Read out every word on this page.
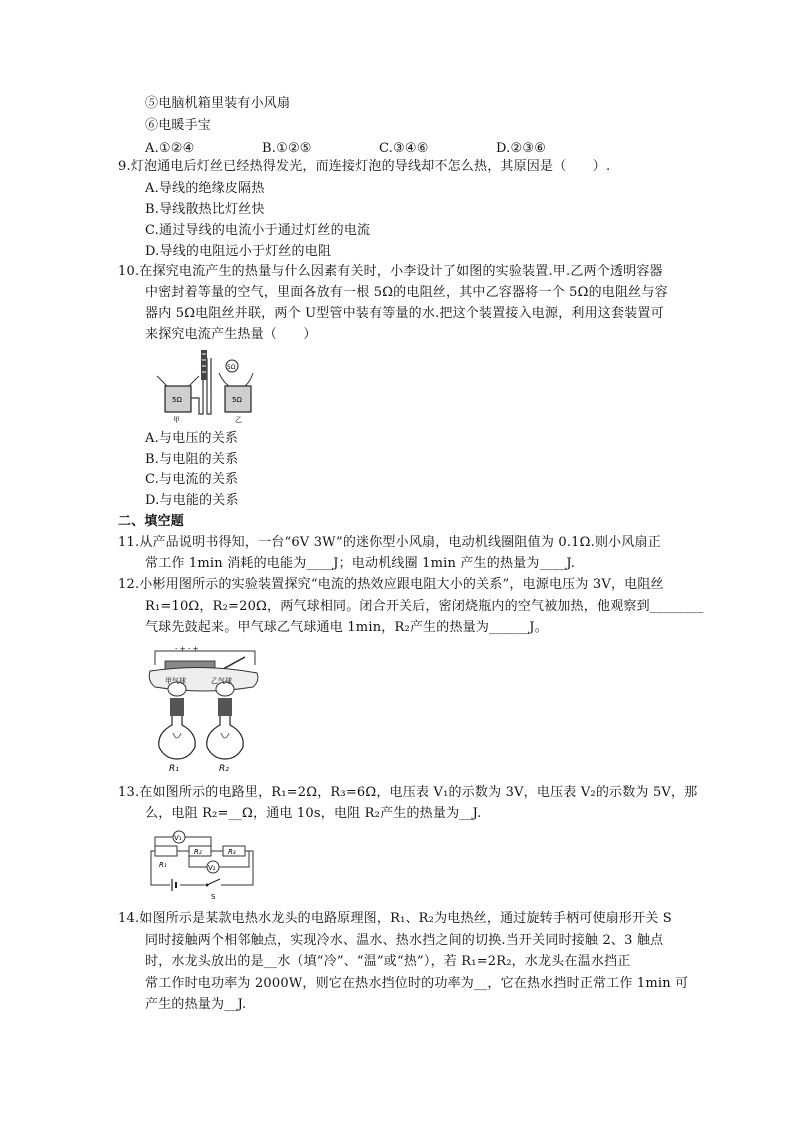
⑤电脑机箱里装有小风扇
⑥电暖手宝
A.①②④	B.①②⑤	C.③④⑥	D.②③⑥
9.灯泡通电后灯丝已经热得发光，而连接灯泡的导线却不怎么热，其原因是（　　）.
A.导线的绝缘皮隔热
B.导线散热比灯丝快
C.通过导线的电流小于通过灯丝的电流
D.导线的电阻远小于灯丝的电阻
10.在探究电流产生的热量与什么因素有关时，小李设计了如图的实验装置.甲.乙两个透明容器
中密封着等量的空气，里面各放有一根 5Ω的电阻丝，其中乙容器将一个 5Ω的电阻丝与容
器内 5Ω电阻丝并联，两个 U型管中装有等量的水.把这个装置接入电源，利用这套装置可
来探究电流产生热量（　　）
5Ω
5Ω	5Ω
甲	乙
A.与电压的关系
B.与电阻的关系
C.与电流的关系
D.与电能的关系
二、填空题
11.从产品说明书得知，一台“6V 3W”的迷你型小风扇，电动机线圈阻值为 0.1Ω.则小风扇正
常工作 1min 消耗的电能为____J；电动机线圈 1min 产生的热量为____J.
12.小彬用图所示的实验装置探究“电流的热效应跟电阻大小的关系”，电源电压为 3V，电阻丝
R₁=10Ω，R₂=20Ω，两气球相同。闭合开关后，密闭烧瓶内的空气被加热，他观察到________
气球先鼓起来。甲气球乙气球通电 1min，R₂产生的热量为______J。
- + - +
甲气球	乙气球
R₁	R₂
13.在如图所示的电路里，R₁=2Ω，R₃=6Ω，电压表 V₁的示数为 3V，电压表 V₂的示数为 5V，那
么，电阻 R₂=__Ω，通电 10s，电阻 R₂产生的热量为__J.
V₁
V₂
R₁
R₂	R₃
S
14.如图所示是某款电热水龙头的电路原理图，R₁、R₂为电热丝，通过旋转手柄可使扇形开关 S
同时接触两个相邻触点，实现冷水、温水、热水挡之间的切换.当开关同时接触 2、3 触点
时，水龙头放出的是__水（填“冷”、“温”或“热”），若 R₁=2R₂，水龙头在温水挡正
常工作时电功率为 2000W，则它在热水挡位时的功率为__，它在热水挡时正常工作 1min 可
产生的热量为__J.
